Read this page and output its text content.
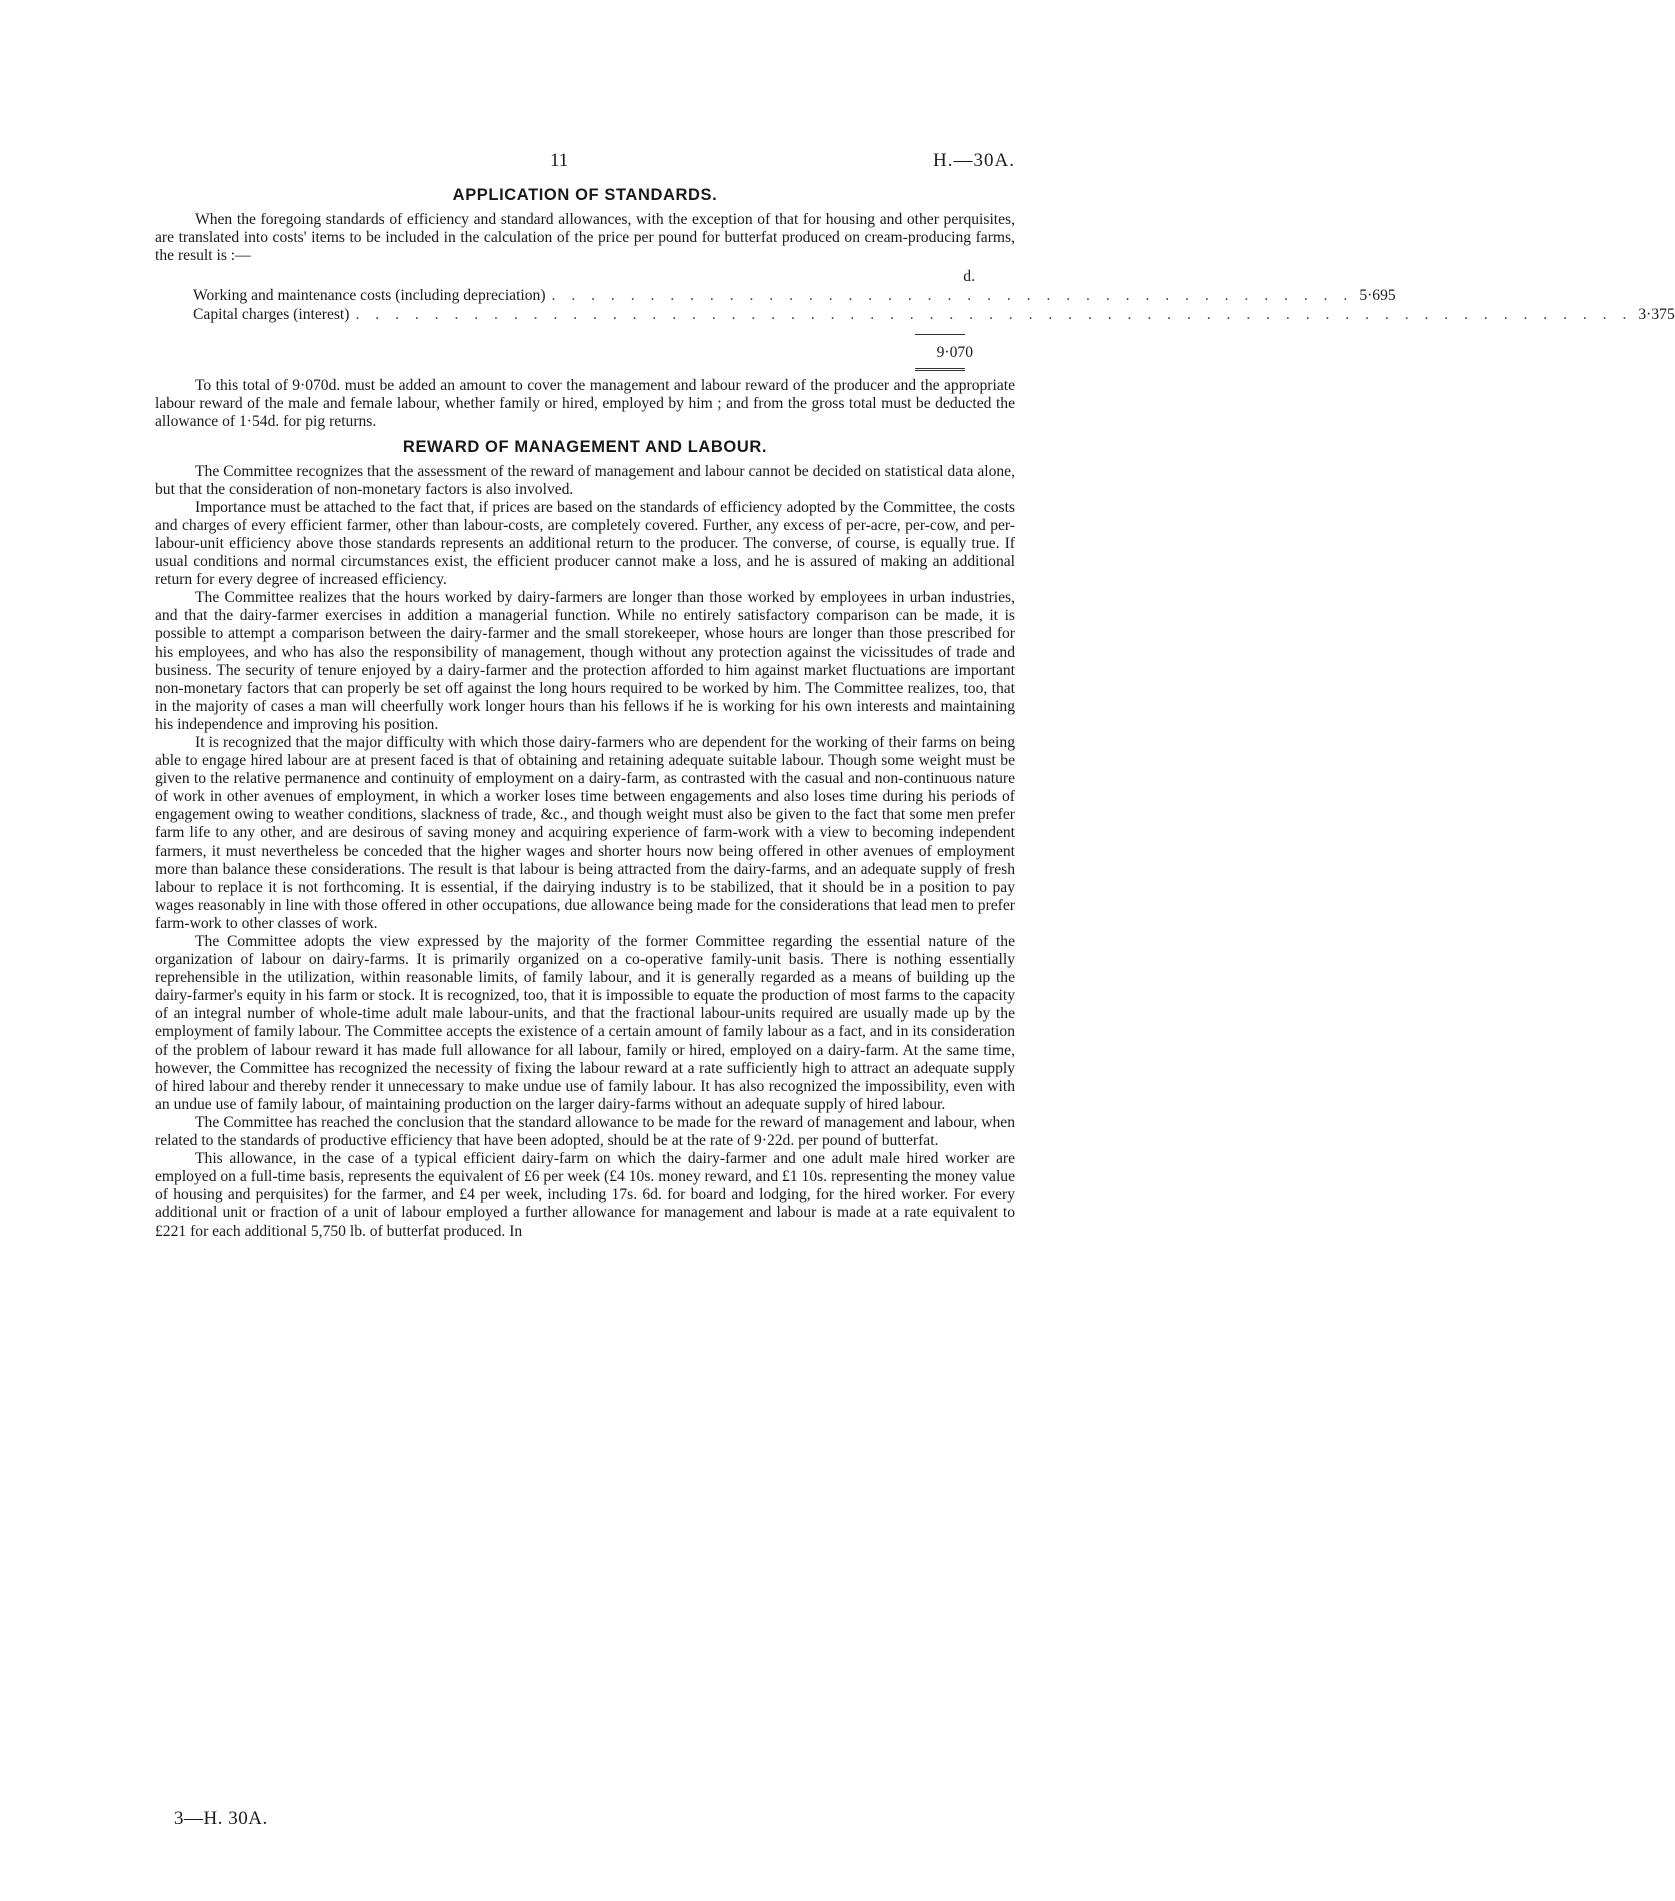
11	H.—30A.
APPLICATION OF STANDARDS.

When the foregoing standards of efficiency and standard allowances, with the exception of that for housing and other perquisites, are translated into costs' items to be included in the calculation of the price per pound for butterfat produced on cream-producing farms, the result is :—

d.
Working and maintenance costs (including depreciation) . . . . . . . . . . . . . . . . . . . . . . . . . . . . . . . . . . . . . . . . . 5·695
Capital charges (interest) . . . . . . . . . . . . . . . . . . . . . . . . . . . . . . . . . . . . . . . . . . . . . . . . . . . . . . . . . . . . . . . . . 3·375
9·070

To this total of 9·070d. must be added an amount to cover the management and labour reward of the producer and the appropriate labour reward of the male and female labour, whether family or hired, employed by him ; and from the gross total must be deducted the allowance of 1·54d. for pig returns.

REWARD OF MANAGEMENT AND LABOUR.

The Committee recognizes that the assessment of the reward of management and labour cannot be decided on statistical data alone, but that the consideration of non-monetary factors is also involved.

Importance must be attached to the fact that, if prices are based on the standards of efficiency adopted by the Committee, the costs and charges of every efficient farmer, other than labour-costs, are completely covered. Further, any excess of per-acre, per-cow, and per-labour-unit efficiency above those standards represents an additional return to the producer. The converse, of course, is equally true. If usual conditions and normal circumstances exist, the efficient producer cannot make a loss, and he is assured of making an additional return for every degree of increased efficiency.

The Committee realizes that the hours worked by dairy-farmers are longer than those worked by employees in urban industries, and that the dairy-farmer exercises in addition a managerial function. While no entirely satisfactory comparison can be made, it is possible to attempt a comparison between the dairy-farmer and the small storekeeper, whose hours are longer than those prescribed for his employees, and who has also the responsibility of management, though without any protection against the vicissitudes of trade and business. The security of tenure enjoyed by a dairy-farmer and the protection afforded to him against market fluctuations are important non-monetary factors that can properly be set off against the long hours required to be worked by him. The Committee realizes, too, that in the majority of cases a man will cheerfully work longer hours than his fellows if he is working for his own interests and maintaining his independence and improving his position.

It is recognized that the major difficulty with which those dairy-farmers who are dependent for the working of their farms on being able to engage hired labour are at present faced is that of obtaining and retaining adequate suitable labour. Though some weight must be given to the relative permanence and continuity of employment on a dairy-farm, as contrasted with the casual and non-continuous nature of work in other avenues of employment, in which a worker loses time between engagements and also loses time during his periods of engagement owing to weather conditions, slackness of trade, &c., and though weight must also be given to the fact that some men prefer farm life to any other, and are desirous of saving money and acquiring experience of farm-work with a view to becoming independent farmers, it must nevertheless be conceded that the higher wages and shorter hours now being offered in other avenues of employment more than balance these considerations. The result is that labour is being attracted from the dairy-farms, and an adequate supply of fresh labour to replace it is not forthcoming. It is essential, if the dairying industry is to be stabilized, that it should be in a position to pay wages reasonably in line with those offered in other occupations, due allowance being made for the considerations that lead men to prefer farm-work to other classes of work.

The Committee adopts the view expressed by the majority of the former Committee regarding the essential nature of the organization of labour on dairy-farms. It is primarily organized on a co-operative family-unit basis. There is nothing essentially reprehensible in the utilization, within reasonable limits, of family labour, and it is generally regarded as a means of building up the dairy-farmer's equity in his farm or stock. It is recognized, too, that it is impossible to equate the production of most farms to the capacity of an integral number of whole-time adult male labour-units, and that the fractional labour-units required are usually made up by the employment of family labour. The Committee accepts the existence of a certain amount of family labour as a fact, and in its consideration of the problem of labour reward it has made full allowance for all labour, family or hired, employed on a dairy-farm. At the same time, however, the Committee has recognized the necessity of fixing the labour reward at a rate sufficiently high to attract an adequate supply of hired labour and thereby render it unnecessary to make undue use of family labour. It has also recognized the impossibility, even with an undue use of family labour, of maintaining production on the larger dairy-farms without an adequate supply of hired labour.

The Committee has reached the conclusion that the standard allowance to be made for the reward of management and labour, when related to the standards of productive efficiency that have been adopted, should be at the rate of 9·22d. per pound of butterfat.

This allowance, in the case of a typical efficient dairy-farm on which the dairy-farmer and one adult male hired worker are employed on a full-time basis, represents the equivalent of £6 per week (£4 10s. money reward, and £1 10s. representing the money value of housing and perquisites) for the farmer, and £4 per week, including 17s. 6d. for board and lodging, for the hired worker. For every additional unit or fraction of a unit of labour employed a further allowance for management and labour is made at a rate equivalent to £221 for each additional 5,750 lb. of butterfat produced. In

3—H. 30A.
